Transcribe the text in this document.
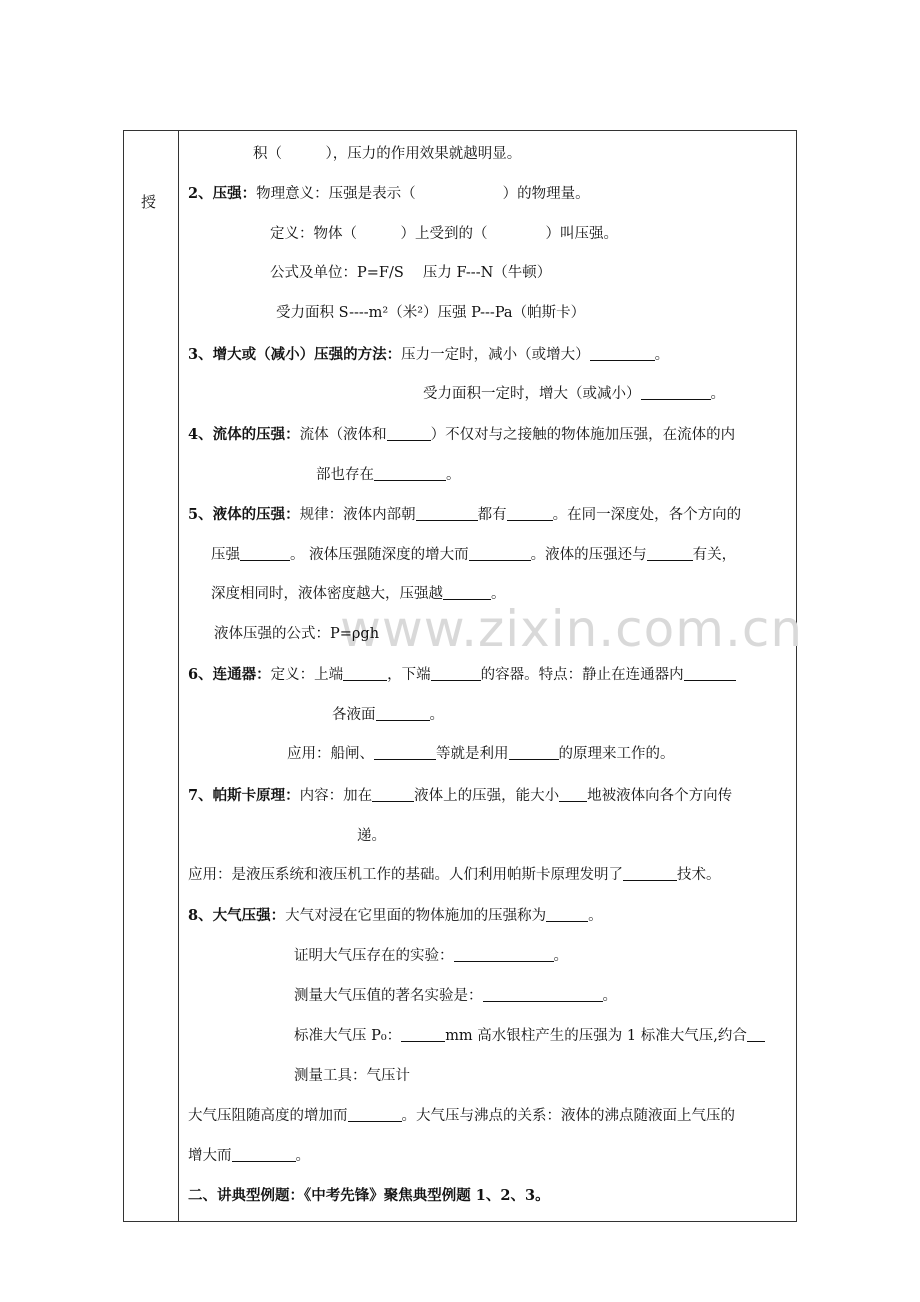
授
www.zixin.com.cn
积（　　　），压力的作用效果就越明显。
2、压强：物理意义：压强是表示（　　　　　　）的物理量。
定义：物体（　　　）上受到的（　　　　）叫压强。
公式及单位：P=F/S　 压力 F---N（牛顿）
受力面积 S----m²（米²）压强 P---Pa（帕斯卡）
3、增大或（减小）压强的方法：压力一定时，减小（或增大）	。
受力面积一定时，增大（或减小）	。
4、流体的压强：流体（液体和	）不仅对与之接触的物体施加压强，在流体的内
部也存在	。
5、液体的压强：规律：液体内部朝	都有	。在同一深度处，各个方向的
压强	。 液体压强随深度的增大而	。液体的压强还与	有关，
深度相同时，液体密度越大，压强越	。
液体压强的公式：P=ρgh
6、连通器：定义：上端	，下端	的容器。特点：静止在连通器内
各液面	。
应用：船闸、	等就是利用	的原理来工作的。
7、帕斯卡原理：内容：加在	液体上的压强，能大小 地被液体向各个方向传
递。
应用：是液压系统和液压机工作的基础。人们利用帕斯卡原理发明了	技术。
8、大气压强：大气对浸在它里面的物体施加的压强称为	。
证明大气压存在的实验：	。
测量大气压值的著名实验是：	。
标准大气压 P₀：	mm 高水银柱产生的压强为 1 标准大气压,约合
测量工具：气压计
大气压阻随高度的增加而	。大气压与沸点的关系：液体的沸点随液面上气压的
增大而	。
二、讲典型例题：《中考先锋》聚焦典型例题 1、2、3。
